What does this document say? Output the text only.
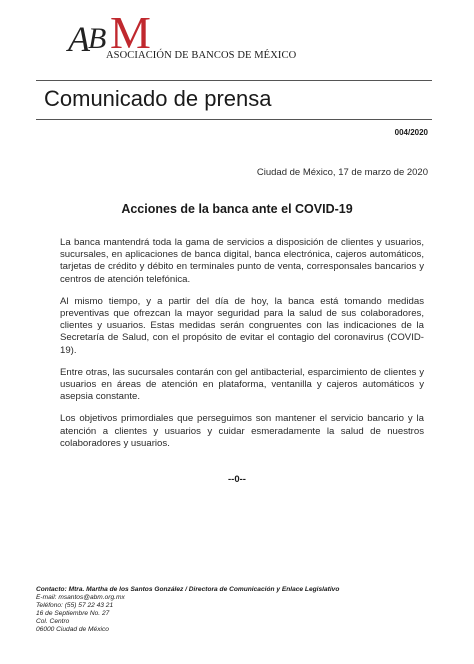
A
B M
ASOCIACIÓN DE BANCOS DE MÉXICO
Comunicado de prensa
004/2020
Ciudad de México, 17 de marzo de 2020
Acciones de la banca ante el COVID-19

La banca mantendrá toda la gama de servicios a disposición de clientes y usuarios, sucursales, en aplicaciones de banca digital, banca electrónica, cajeros automáticos, tarjetas de crédito y débito en terminales punto de venta, corresponsales bancarios y centros de atención telefónica.

Al mismo tiempo, y a partir del día de hoy, la banca está tomando medidas preventivas que ofrezcan la mayor seguridad para la salud de sus colaboradores, clientes y usuarios. Estas medidas serán congruentes con las indicaciones de la Secretaría de Salud, con el propósito de evitar el contagio del coronavirus (COVID-19).

Entre otras, las sucursales contarán con gel antibacterial, esparcimiento de clientes y usuarios en áreas de atención en plataforma, ventanilla y cajeros automáticos y asepsia constante.

Los objetivos primordiales que perseguimos son mantener el servicio bancario y la atención a clientes y usuarios y cuidar esmeradamente la salud de nuestros colaboradores y usuarios.

--0--
Contacto: Mtra. Martha de los Santos González / Directora de Comunicación y Enlace Legislativo
E-mail: msantos@abm.org.mx
Teléfono: (55) 57 22 43 21
16 de Septiembre No. 27
Col. Centro
06000 Ciudad de México
